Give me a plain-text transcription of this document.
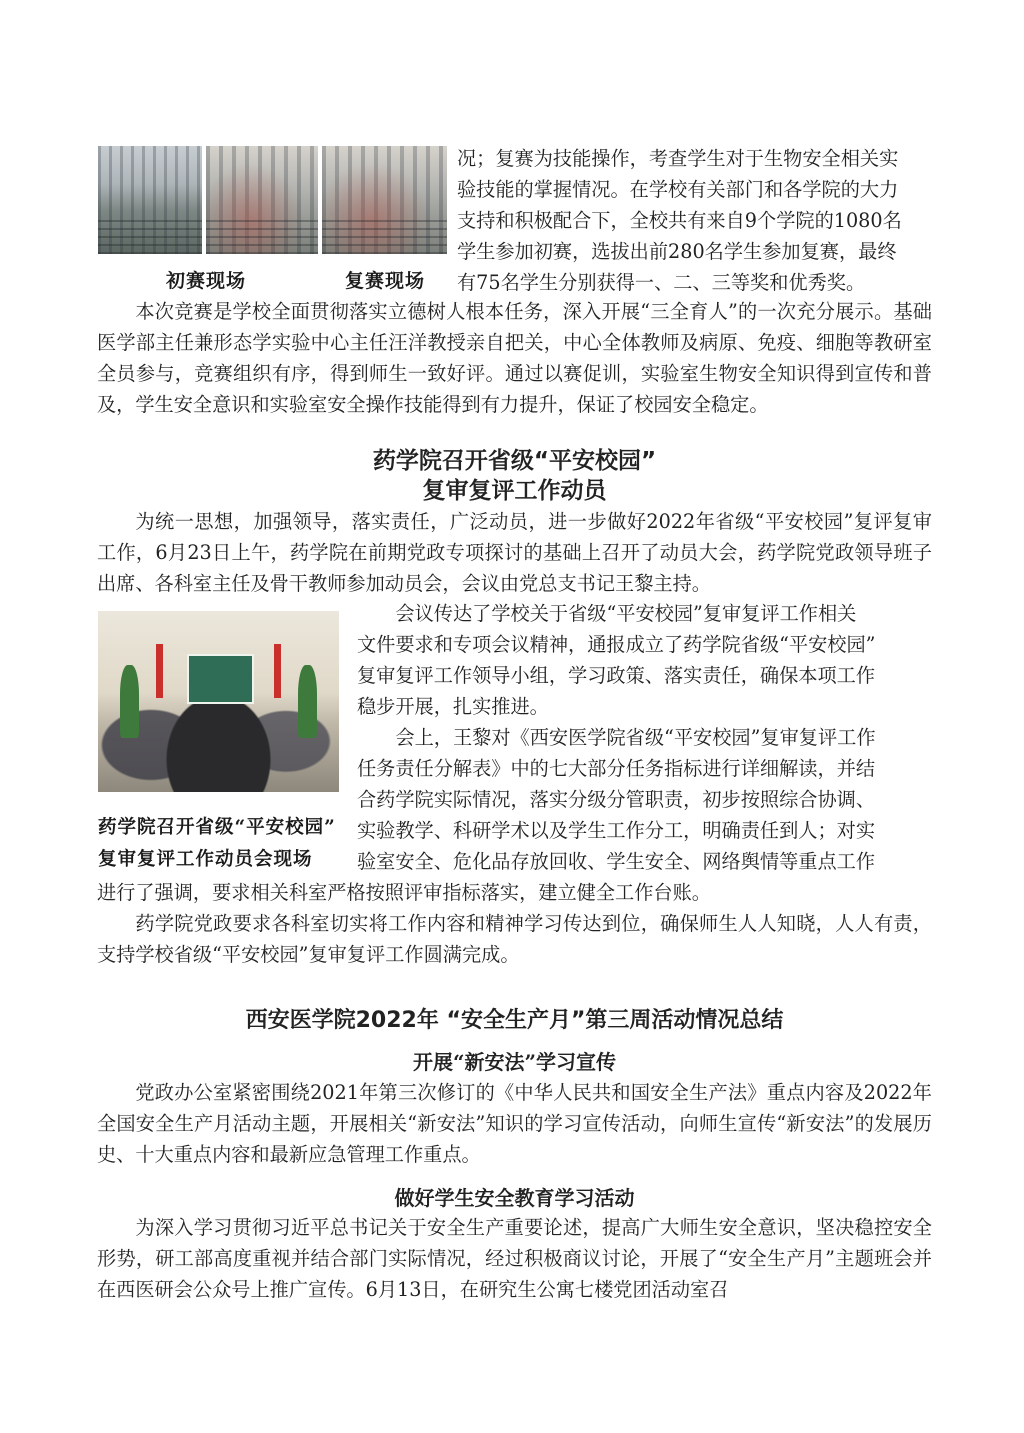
初赛现场	复赛现场

况；复赛为技能操作，考查学生对于生物安全相关实

验技能的掌握情况。在学校有关部门和各学院的大力

支持和积极配合下，全校共有来自9个学院的1080名

学生参加初赛，选拔出前280名学生参加复赛，最终

有75名学生分别获得一、二、三等奖和优秀奖。

本次竞赛是学校全面贯彻落实立德树人根本任务，深入开展“三全育人”的一次充分展示。基础医学部主任兼形态学实验中心主任汪洋教授亲自把关，中心全体教师及病原、免疫、细胞等教研室全员参与，竞赛组织有序，得到师生一致好评。通过以赛促训，实验室生物安全知识得到宣传和普及，学生安全意识和实验室安全操作技能得到有力提升，保证了校园安全稳定。

药学院召开省级“平安校园”
复审复评工作动员

为统一思想，加强领导，落实责任，广泛动员，进一步做好2022年省级“平安校园”复评复审工作，6月23日上午，药学院在前期党政专项探讨的基础上召开了动员大会，药学院党政领导班子出席、各科室主任及骨干教师参加动员会，会议由党总支书记王黎主持。

药学院召开省级“平安校园”
复审复评工作动员会现场

会议传达了学校关于省级“平安校园”复审复评工作相关

文件要求和专项会议精神，通报成立了药学院省级“平安校园”

复审复评工作领导小组，学习政策、落实责任，确保本项工作

稳步开展，扎实推进。

会上，王黎对《西安医学院省级“平安校园”复审复评工作

任务责任分解表》中的七大部分任务指标进行详细解读，并结

合药学院实际情况，落实分级分管职责，初步按照综合协调、

实验教学、科研学术以及学生工作分工，明确责任到人；对实

验室安全、危化品存放回收、学生安全、网络舆情等重点工作

进行了强调，要求相关科室严格按照评审指标落实，建立健全工作台账。

药学院党政要求各科室切实将工作内容和精神学习传达到位，确保师生人人知晓，人人有责，支持学校省级“平安校园”复审复评工作圆满完成。

西安医学院2022年 “安全生产月”第三周活动情况总结
开展“新安法”学习宣传

党政办公室紧密围绕2021年第三次修订的《中华人民共和国安全生产法》重点内容及2022年全国安全生产月活动主题，开展相关“新安法”知识的学习宣传活动，向师生宣传“新安法”的发展历史、十大重点内容和最新应急管理工作重点。

做好学生安全教育学习活动

为深入学习贯彻习近平总书记关于安全生产重要论述，提高广大师生安全意识，坚决稳控安全形势，研工部高度重视并结合部门实际情况，经过积极商议讨论，开展了“安全生产月”主题班会并在西医研会公众号上推广宣传。6月13日，在研究生公寓七楼党团活动室召
